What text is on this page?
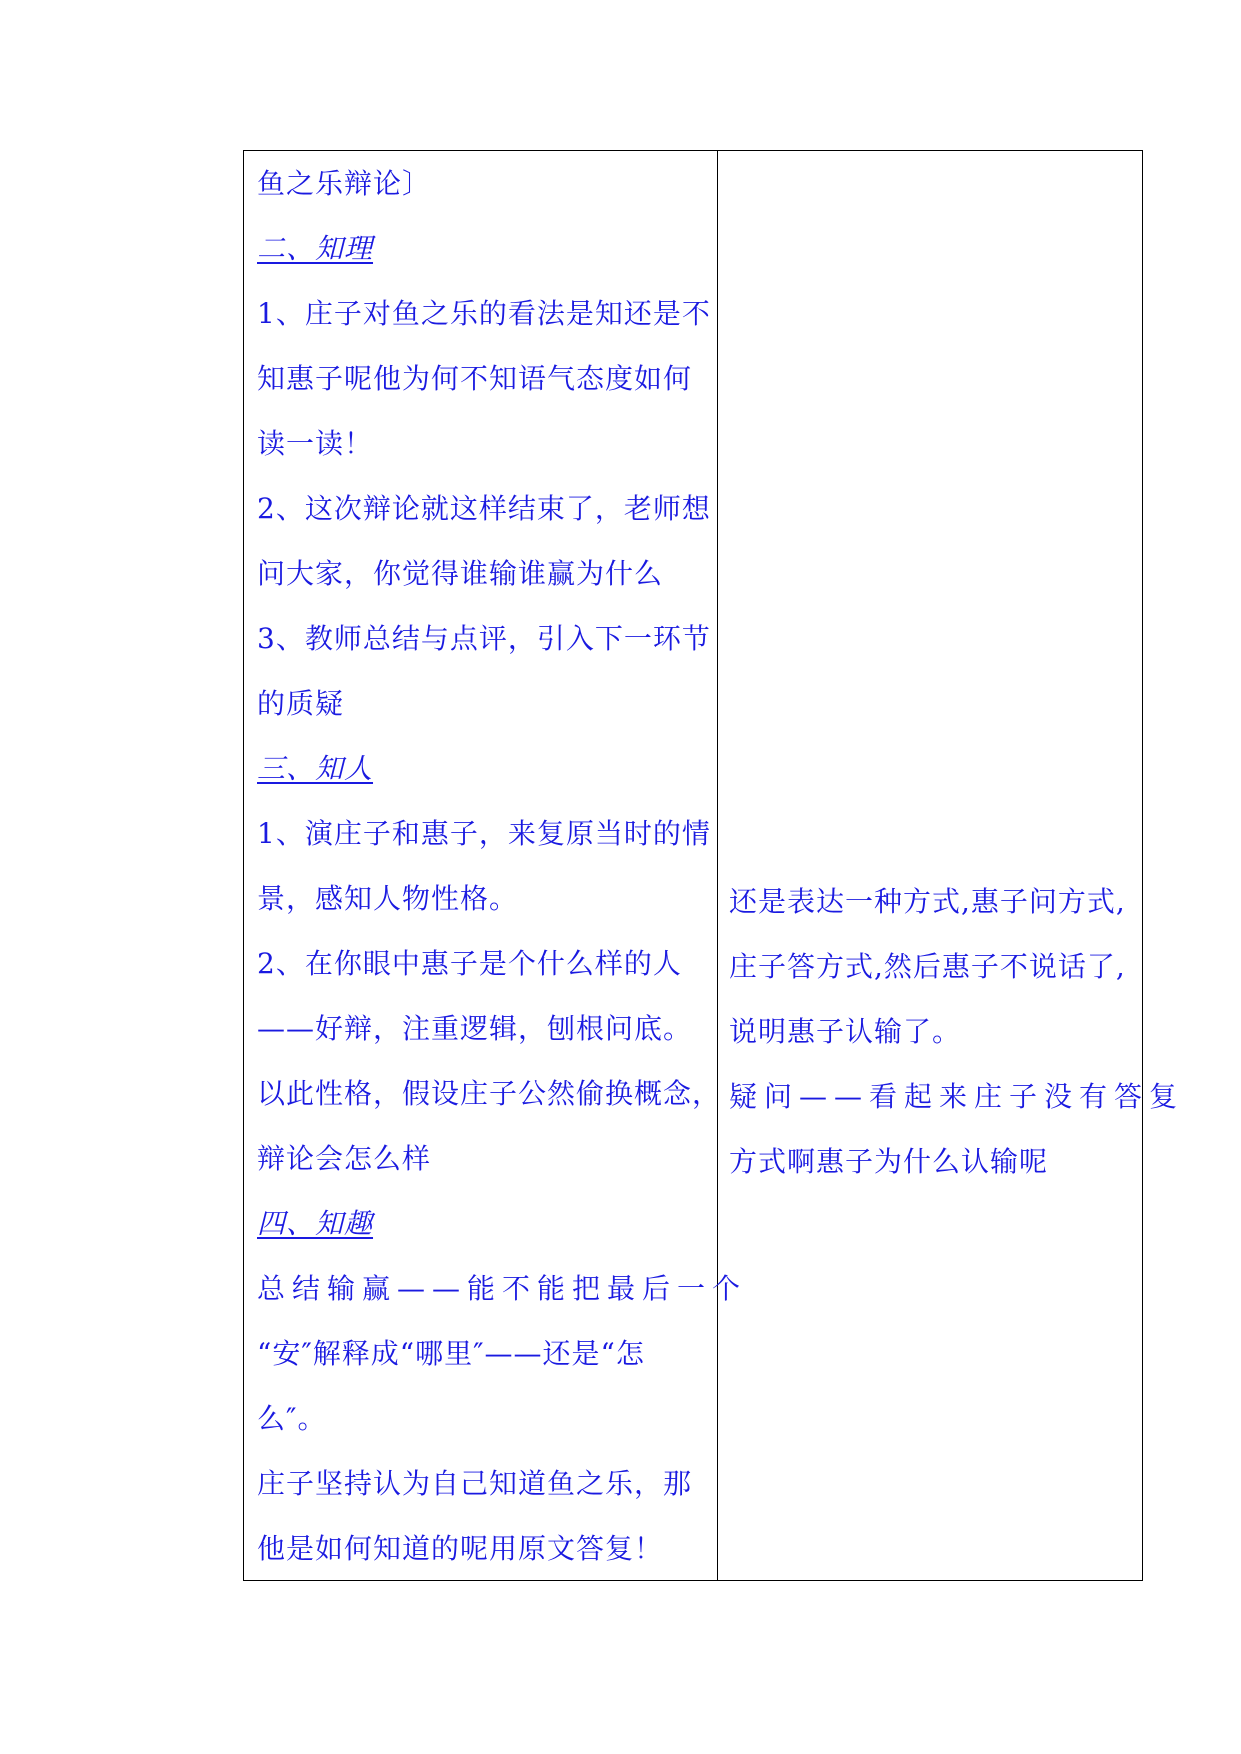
鱼之乐辩论〕
二、知理
1、庄子对鱼之乐的看法是知还是不
知惠子呢他为何不知语气态度如何
读一读！
2、这次辩论就这样结束了，老师想
问大家，你觉得谁输谁赢为什么
3、教师总结与点评，引入下一环节
的质疑
三、知人
1、演庄子和惠子，来复原当时的情
景，感知人物性格。
2、在你眼中惠子是个什么样的人
——好辩，注重逻辑，刨根问底。
以此性格，假设庄子公然偷换概念，
辩论会怎么样
四、知趣
总结输赢——能不能把最后一个
“安″解释成“哪里″——还是“怎
么″。
庄子坚持认为自己知道鱼之乐，那
他是如何知道的呢用原文答复！
还是表达一种方式,惠子问方式,
庄子答方式,然后惠子不说话了,
说明惠子认输了。
疑问——看起来庄子没有答复
方式啊惠子为什么认输呢
